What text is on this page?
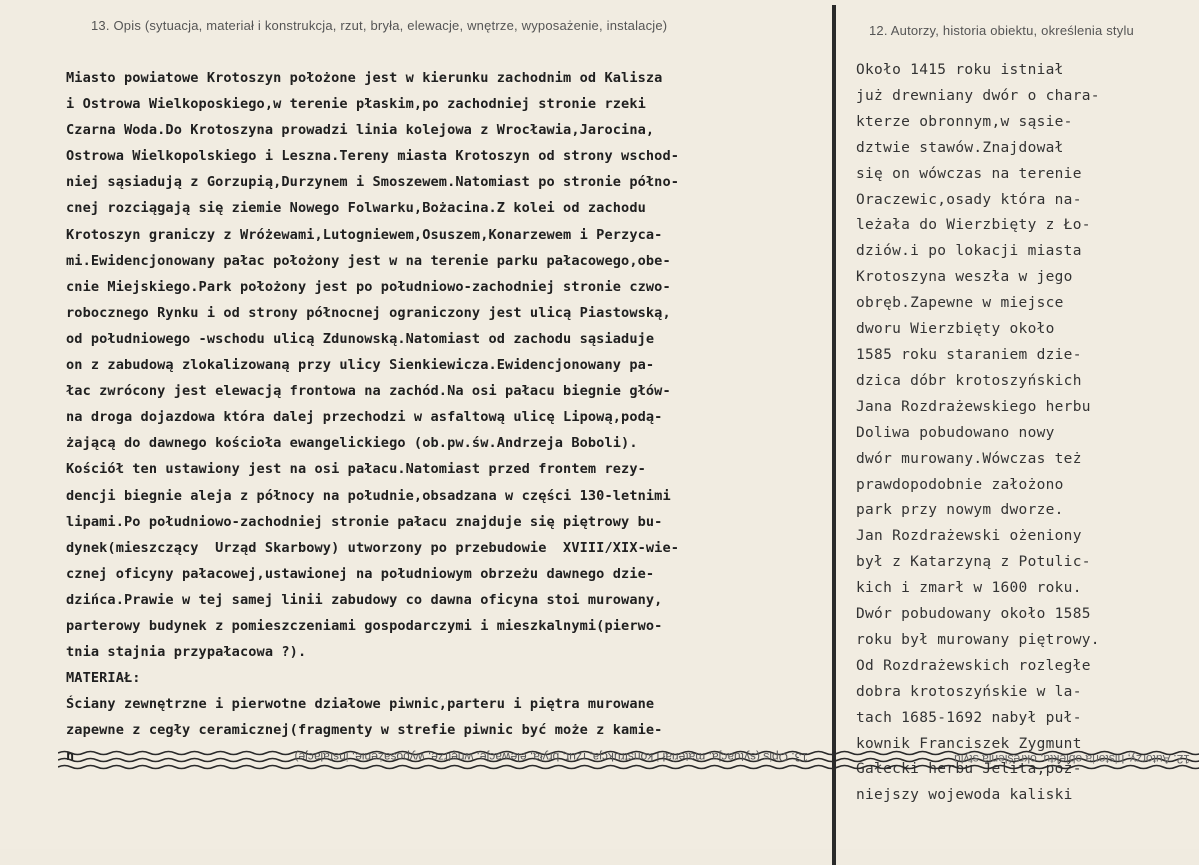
13. Opis (sytuacja, materiał i konstrukcja, rzut, bryła, elewacje, wnętrze, wyposażenie, instalacje)	12. Autorzy, historia obiektu, określenia stylu
Miasto powiatowe Krotoszyn położone jest w kierunku zachodnim od Kalisza
i Ostrowa Wielkoposkiego,w terenie płaskim,po zachodniej stronie rzeki
Czarna Woda.Do Krotoszyna prowadzi linia kolejowa z Wrocławia,Jarocina,
Ostrowa Wielkopolskiego i Leszna.Tereny miasta Krotoszyn od strony wschod-
niej sąsiadują z Gorzupią,Durzynem i Smoszewem.Natomiast po stronie półno-
cnej rozciągają się ziemie Nowego Folwarku,Bożacina.Z kolei od zachodu
Krotoszyn graniczy z Wróżewami,Lutogniewem,Osuszem,Konarzewem i Perzyca-
mi.Ewidencjonowany pałac położony jest w na terenie parku pałacowego,obe-
cnie Miejskiego.Park położony jest po południowo-zachodniej stronie czwo-
robocznego Rynku i od strony północnej ograniczony jest ulicą Piastowską,
od południowego -wschodu ulicą Zdunowską.Natomiast od zachodu sąsiaduje
on z zabudową zlokalizowaną przy ulicy Sienkiewicza.Ewidencjonowany pa-
łac zwrócony jest elewacją frontowa na zachód.Na osi pałacu biegnie głów-
na droga dojazdowa która dalej przechodzi w asfaltową ulicę Lipową,podą-
żającą do dawnego kościoła ewangelickiego (ob.pw.św.Andrzeja Boboli).
Kościół ten ustawiony jest na osi pałacu.Natomiast przed frontem rezy-
dencji biegnie aleja z północy na południe,obsadzana w części 130-letnimi
lipami.Po południowo-zachodniej stronie pałacu znajduje się piętrowy bu-
dynek(mieszczący  Urząd Skarbowy) utworzony po przebudowie  XVIII/XIX-wie-
cznej oficyny pałacowej,ustawionej na południowym obrzeżu dawnego dzie-
dzińca.Prawie w tej samej linii zabudowy co dawna oficyna stoi murowany,
parterowy budynek z pomieszczeniami gospodarczymi i mieszkalnymi(pierwo-
tnia stajnia przypałacowa ?).
MATERIAŁ:
Ściany zewnętrzne i pierwotne działowe piwnic,parteru i piętra murowane
zapewne z cegły ceramicznej(fragmenty w strefie piwnic być może z kamie-
n
Około 1415 roku istniał
już drewniany dwór o chara-
kterze obronnym,w sąsie-
dztwie stawów.Znajdował
się on wówczas na terenie
Oraczewic,osady która na-
leżała do Wierzbięty z Ło-
dziów.i po lokacji miasta
Krotoszyna weszła w jego
obręb.Zapewne w miejsce
dworu Wierzbięty około
1585 roku staraniem dzie-
dzica dóbr krotoszyńskich
Jana Rozdrażewskiego herbu
Doliwa pobudowano nowy
dwór murowany.Wówczas też
prawdopodobnie założono
park przy nowym dworze.
Jan Rozdrażewski ożeniony
był z Katarzyną z Potulic-
kich i zmarł w 1600 roku.
Dwór pobudowany około 1585
roku był murowany piętrowy.
Od Rozdrażewskich rozległe
dobra krotoszyńskie w la-
tach 1685-1692 nabył puł-
kownik Franciszek Zygmunt
Gałecki herbu Jelita,póź-
niejszy wojewoda kaliski
13. Opis (sytuacja, materiał i konstrukcja, rzut, bryła, elewacje, wnętrze, wyposażenie, instalacje)	12. Autorzy, historia obiektu, określenia stylu
